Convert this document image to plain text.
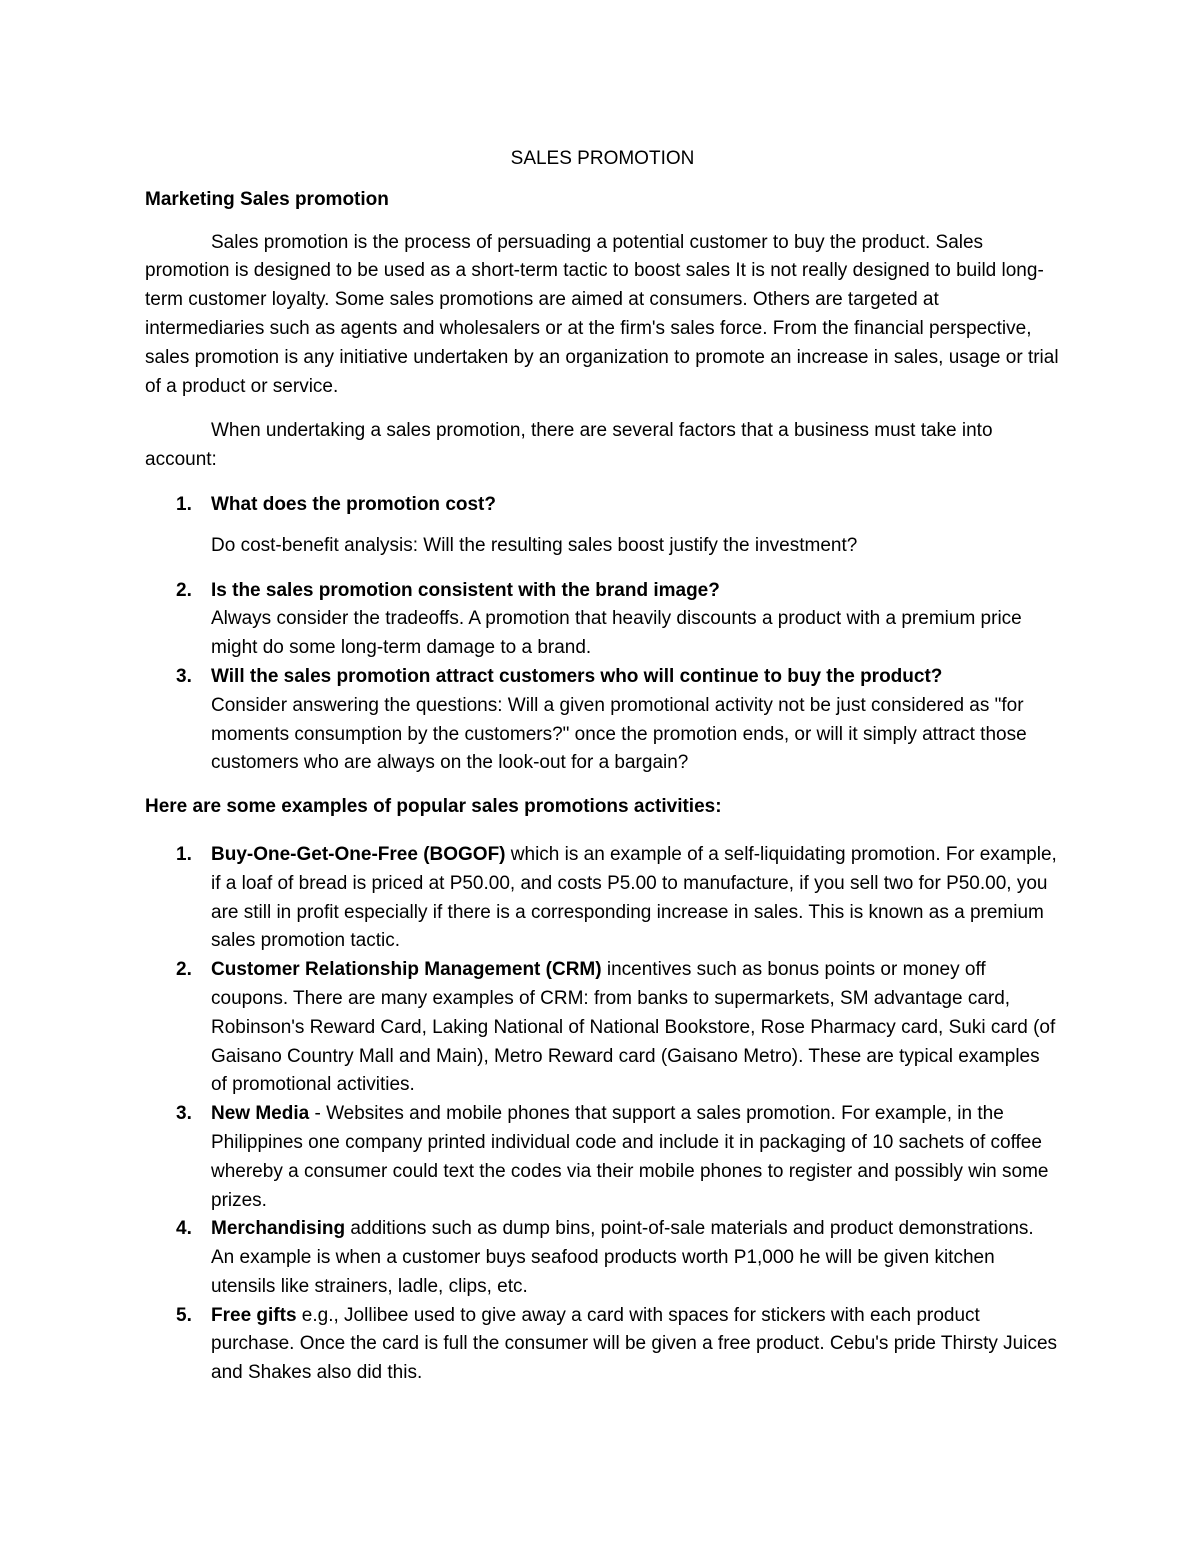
SALES PROMOTION

Marketing Sales promotion

Sales promotion is the process of persuading a potential customer to buy the product. Sales promotion is designed to be used as a short-term tactic to boost sales It is not really designed to build long-term customer loyalty. Some sales promotions are aimed at consumers. Others are targeted at intermediaries such as agents and wholesalers or at the firm's sales force. From the financial perspective, sales promotion is any initiative undertaken by an organization to promote an increase in sales, usage or trial of a product or service.

When undertaking a sales promotion, there are several factors that a business must take into account:

1. What does the promotion cost?
Do cost-benefit analysis: Will the resulting sales boost justify the investment?
2. Is the sales promotion consistent with the brand image?
Always consider the tradeoffs. A promotion that heavily discounts a product with a premium price might do some long-term damage to a brand.
3. Will the sales promotion attract customers who will continue to buy the product?
Consider answering the questions: Will a given promotional activity not be just considered as "for moments consumption by the customers?" once the promotion ends, or will it simply attract those customers who are always on the look-out for a bargain?

Here are some examples of popular sales promotions activities:

1. Buy-One-Get-One-Free (BOGOF) which is an example of a self-liquidating promotion. For example, if a loaf of bread is priced at P50.00, and costs P5.00 to manufacture, if you sell two for P50.00, you are still in profit especially if there is a corresponding increase in sales. This is known as a premium sales promotion tactic.
2. Customer Relationship Management (CRM) incentives such as bonus points or money off coupons. There are many examples of CRM: from banks to supermarkets, SM advantage card, Robinson's Reward Card, Laking National of National Bookstore, Rose Pharmacy card, Suki card (of Gaisano Country Mall and Main), Metro Reward card (Gaisano Metro). These are typical examples of promotional activities.
3. New Media - Websites and mobile phones that support a sales promotion. For example, in the Philippines one company printed individual code and include it in packaging of 10 sachets of coffee whereby a consumer could text the codes via their mobile phones to register and possibly win some prizes.
4. Merchandising additions such as dump bins, point-of-sale materials and product demonstrations. An example is when a customer buys seafood products worth P1,000 he will be given kitchen utensils like strainers, ladle, clips, etc.
5. Free gifts e.g., Jollibee used to give away a card with spaces for stickers with each product purchase. Once the card is full the consumer will be given a free product. Cebu's pride Thirsty Juices and Shakes also did this.
